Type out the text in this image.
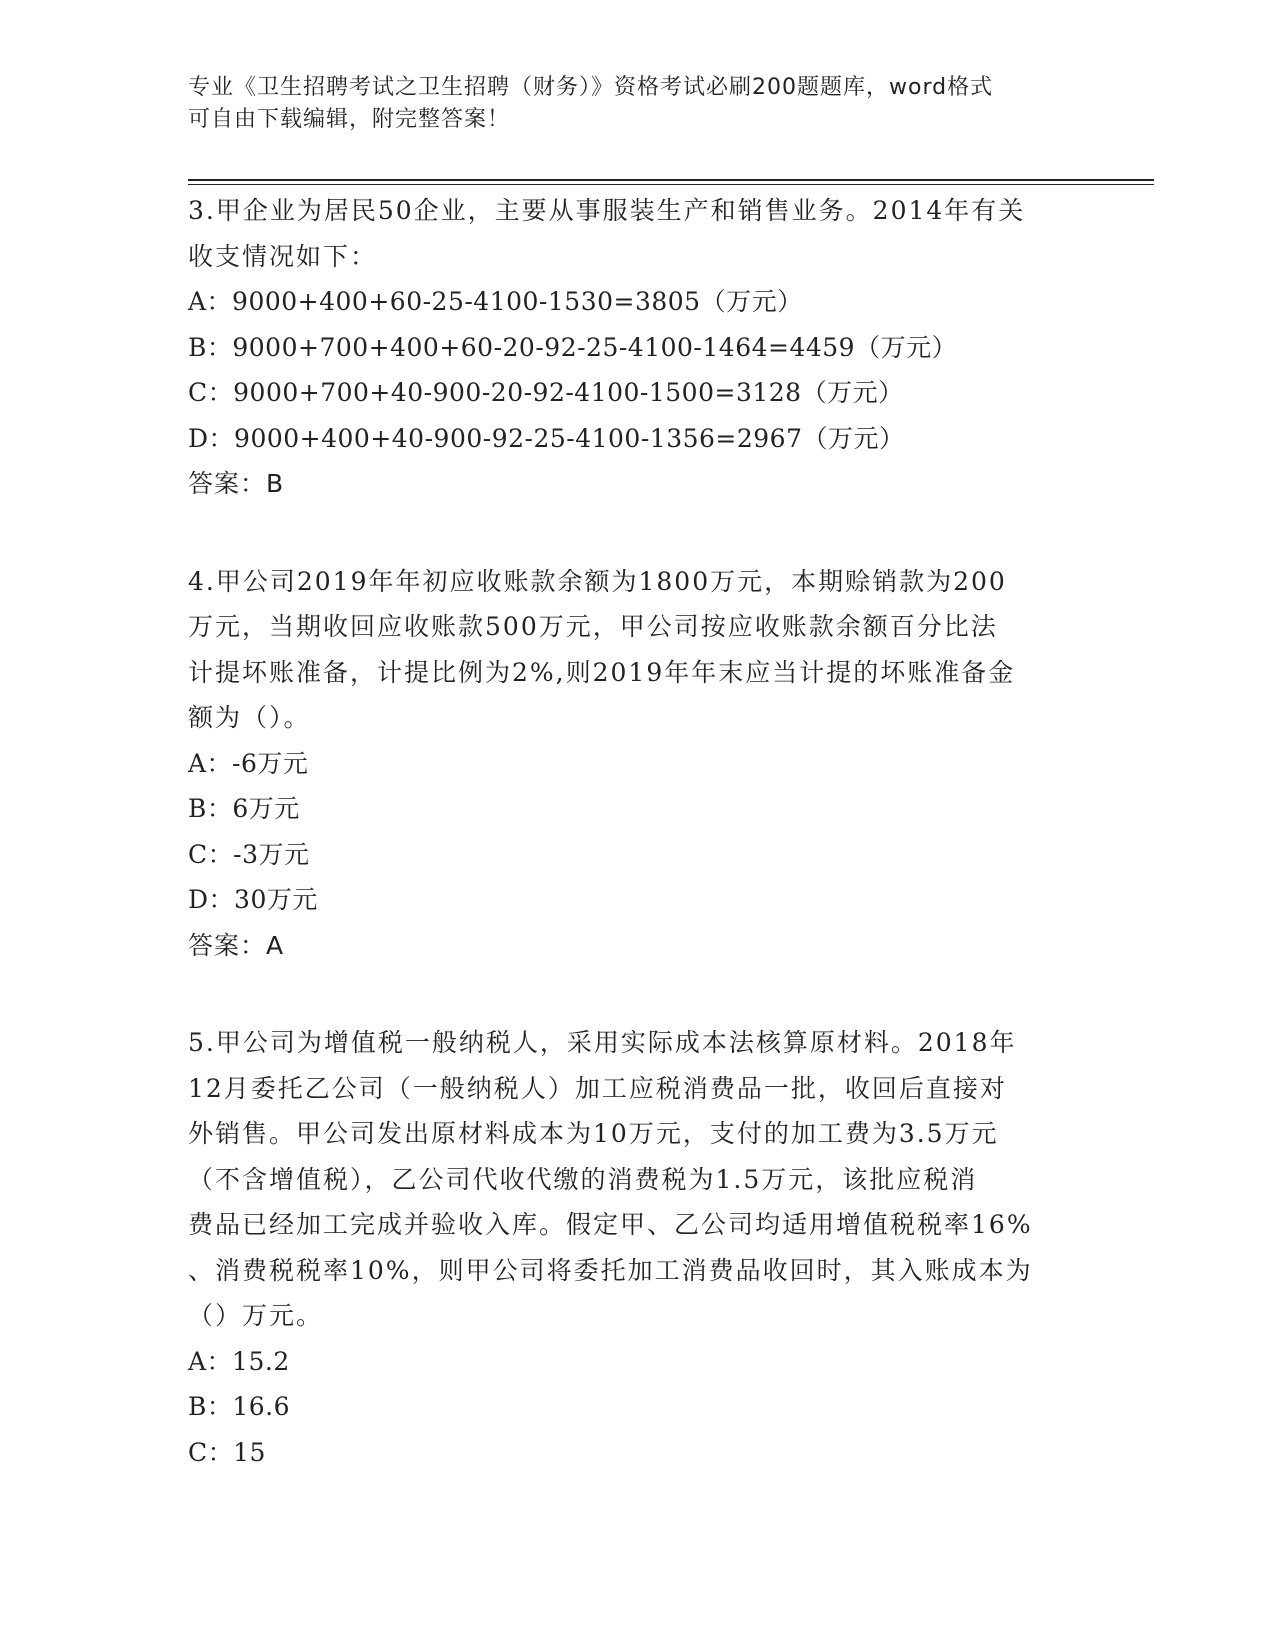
专业《卫生招聘考试之卫生招聘（财务）》资格考试必刷200题题库，word格式
可自由下载编辑，附完整答案！
3.甲企业为居民50企业，主要从事服装生产和销售业务。2014年有关
收支情况如下：
A：9000+400+60-25-4100-1530=3805（万元）
B：9000+700+400+60-20-92-25-4100-1464=4459（万元）
C：9000+700+40-900-20-92-4100-1500=3128（万元）
D：9000+400+40-900-92-25-4100-1356=2967（万元）
答案：B
4.甲公司2019年年初应收账款余额为1800万元，本期赊销款为200
万元，当期收回应收账款500万元，甲公司按应收账款余额百分比法
计提坏账准备，计提比例为2%,则2019年年末应当计提的坏账准备金
额为（）。
A：-6万元
B：6万元
C：-3万元
D：30万元
答案：A
5.甲公司为增值税一般纳税人，采用实际成本法核算原材料。2018年
12月委托乙公司（一般纳税人）加工应税消费品一批，收回后直接对
外销售。甲公司发出原材料成本为10万元，支付的加工费为3.5万元
（不含增值税），乙公司代收代缴的消费税为1.5万元，该批应税消
费品已经加工完成并验收入库。假定甲、乙公司均适用增值税税率16%
、消费税税率10%，则甲公司将委托加工消费品收回时，其入账成本为
（）万元。
A：15.2
B：16.6
C：15
